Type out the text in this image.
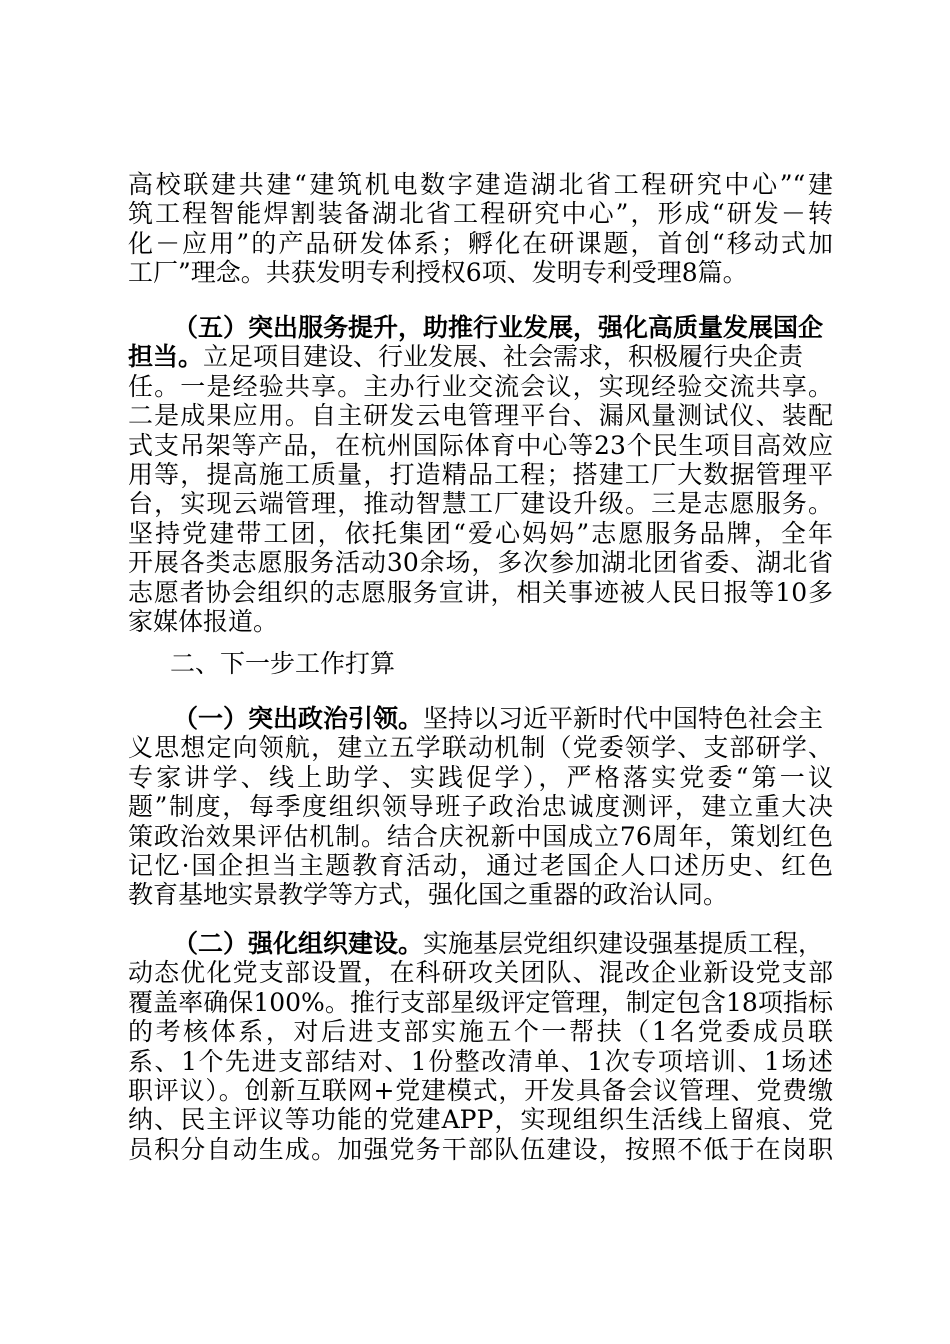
高校联建共建“建筑机电数字建造湖北省工程研究中心”“建
筑工程智能焊割装备湖北省工程研究中心”，形成“研发－转
化－应用”的产品研发体系；孵化在研课题，首创“移动式加
工厂”理念。共获发明专利授权6项、发明专利受理8篇。
（五）突出服务提升，助推行业发展，强化高质量发展国企
担当。立足项目建设、行业发展、社会需求，积极履行央企责
任。一是经验共享。主办行业交流会议，实现经验交流共享。
二是成果应用。自主研发云电管理平台、漏风量测试仪、装配
式支吊架等产品，在杭州国际体育中心等23个民生项目高效应
用等，提高施工质量，打造精品工程；搭建工厂大数据管理平
台，实现云端管理，推动智慧工厂建设升级。三是志愿服务。
坚持党建带工团，依托集团“爱心妈妈”志愿服务品牌，全年
开展各类志愿服务活动30余场，多次参加湖北团省委、湖北省
志愿者协会组织的志愿服务宣讲，相关事迹被人民日报等10多
家媒体报道。
二、下一步工作打算
（一）突出政治引领。坚持以习近平新时代中国特色社会主
义思想定向领航，建立五学联动机制（党委领学、支部研学、
专家讲学、线上助学、实践促学），严格落实党委“第一议
题”制度，每季度组织领导班子政治忠诚度测评，建立重大决
策政治效果评估机制。结合庆祝新中国成立76周年，策划红色
记忆·国企担当主题教育活动，通过老国企人口述历史、红色
教育基地实景教学等方式，强化国之重器的政治认同。
（二）强化组织建设。实施基层党组织建设强基提质工程，
动态优化党支部设置，在科研攻关团队、混改企业新设党支部
覆盖率确保100%。推行支部星级评定管理，制定包含18项指标
的考核体系，对后进支部实施五个一帮扶（1名党委成员联
系、1个先进支部结对、1份整改清单、1次专项培训、1场述
职评议）。创新互联网+党建模式，开发具备会议管理、党费缴
纳、民主评议等功能的党建APP，实现组织生活线上留痕、党
员积分自动生成。加强党务干部队伍建设，按照不低于在岗职
